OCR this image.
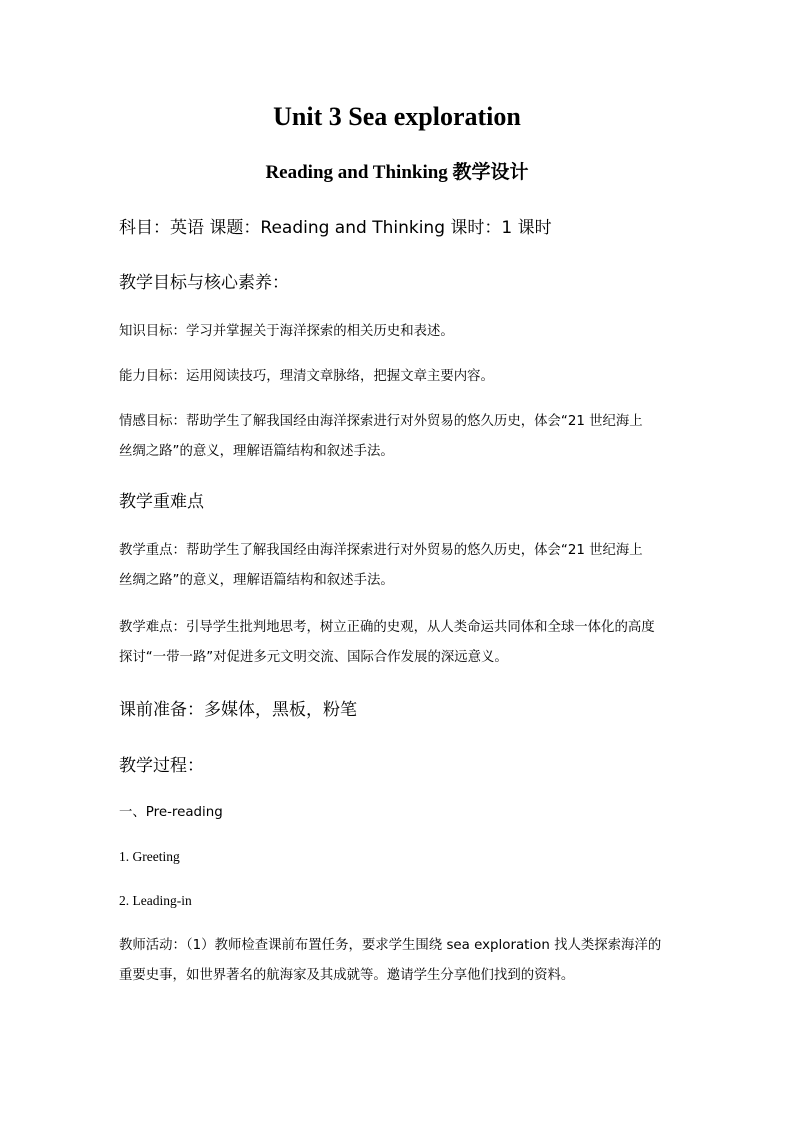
Unit 3 Sea exploration
Reading and Thinking 教学设计
科目：英语 课题：Reading and Thinking 课时：1 课时
教学目标与核心素养：
知识目标：学习并掌握关于海洋探索的相关历史和表述。
能力目标：运用阅读技巧，理清文章脉络，把握文章主要内容。
情感目标：帮助学生了解我国经由海洋探索进行对外贸易的悠久历史，体会“21 世纪海上
丝绸之路”的意义，理解语篇结构和叙述手法。
教学重难点
教学重点：帮助学生了解我国经由海洋探索进行对外贸易的悠久历史，体会“21 世纪海上
丝绸之路”的意义，理解语篇结构和叙述手法。
教学难点：引导学生批判地思考，树立正确的史观，从人类命运共同体和全球一体化的高度
探讨“一带一路”对促进多元文明交流、国际合作发展的深远意义。
课前准备：多媒体，黑板，粉笔
教学过程：
一、Pre-reading
1. Greeting
2. Leading-in
教师活动：（1）教师检查课前布置任务，要求学生围绕 sea exploration 找人类探索海洋的
重要史事，如世界著名的航海家及其成就等。邀请学生分享他们找到的资料。
